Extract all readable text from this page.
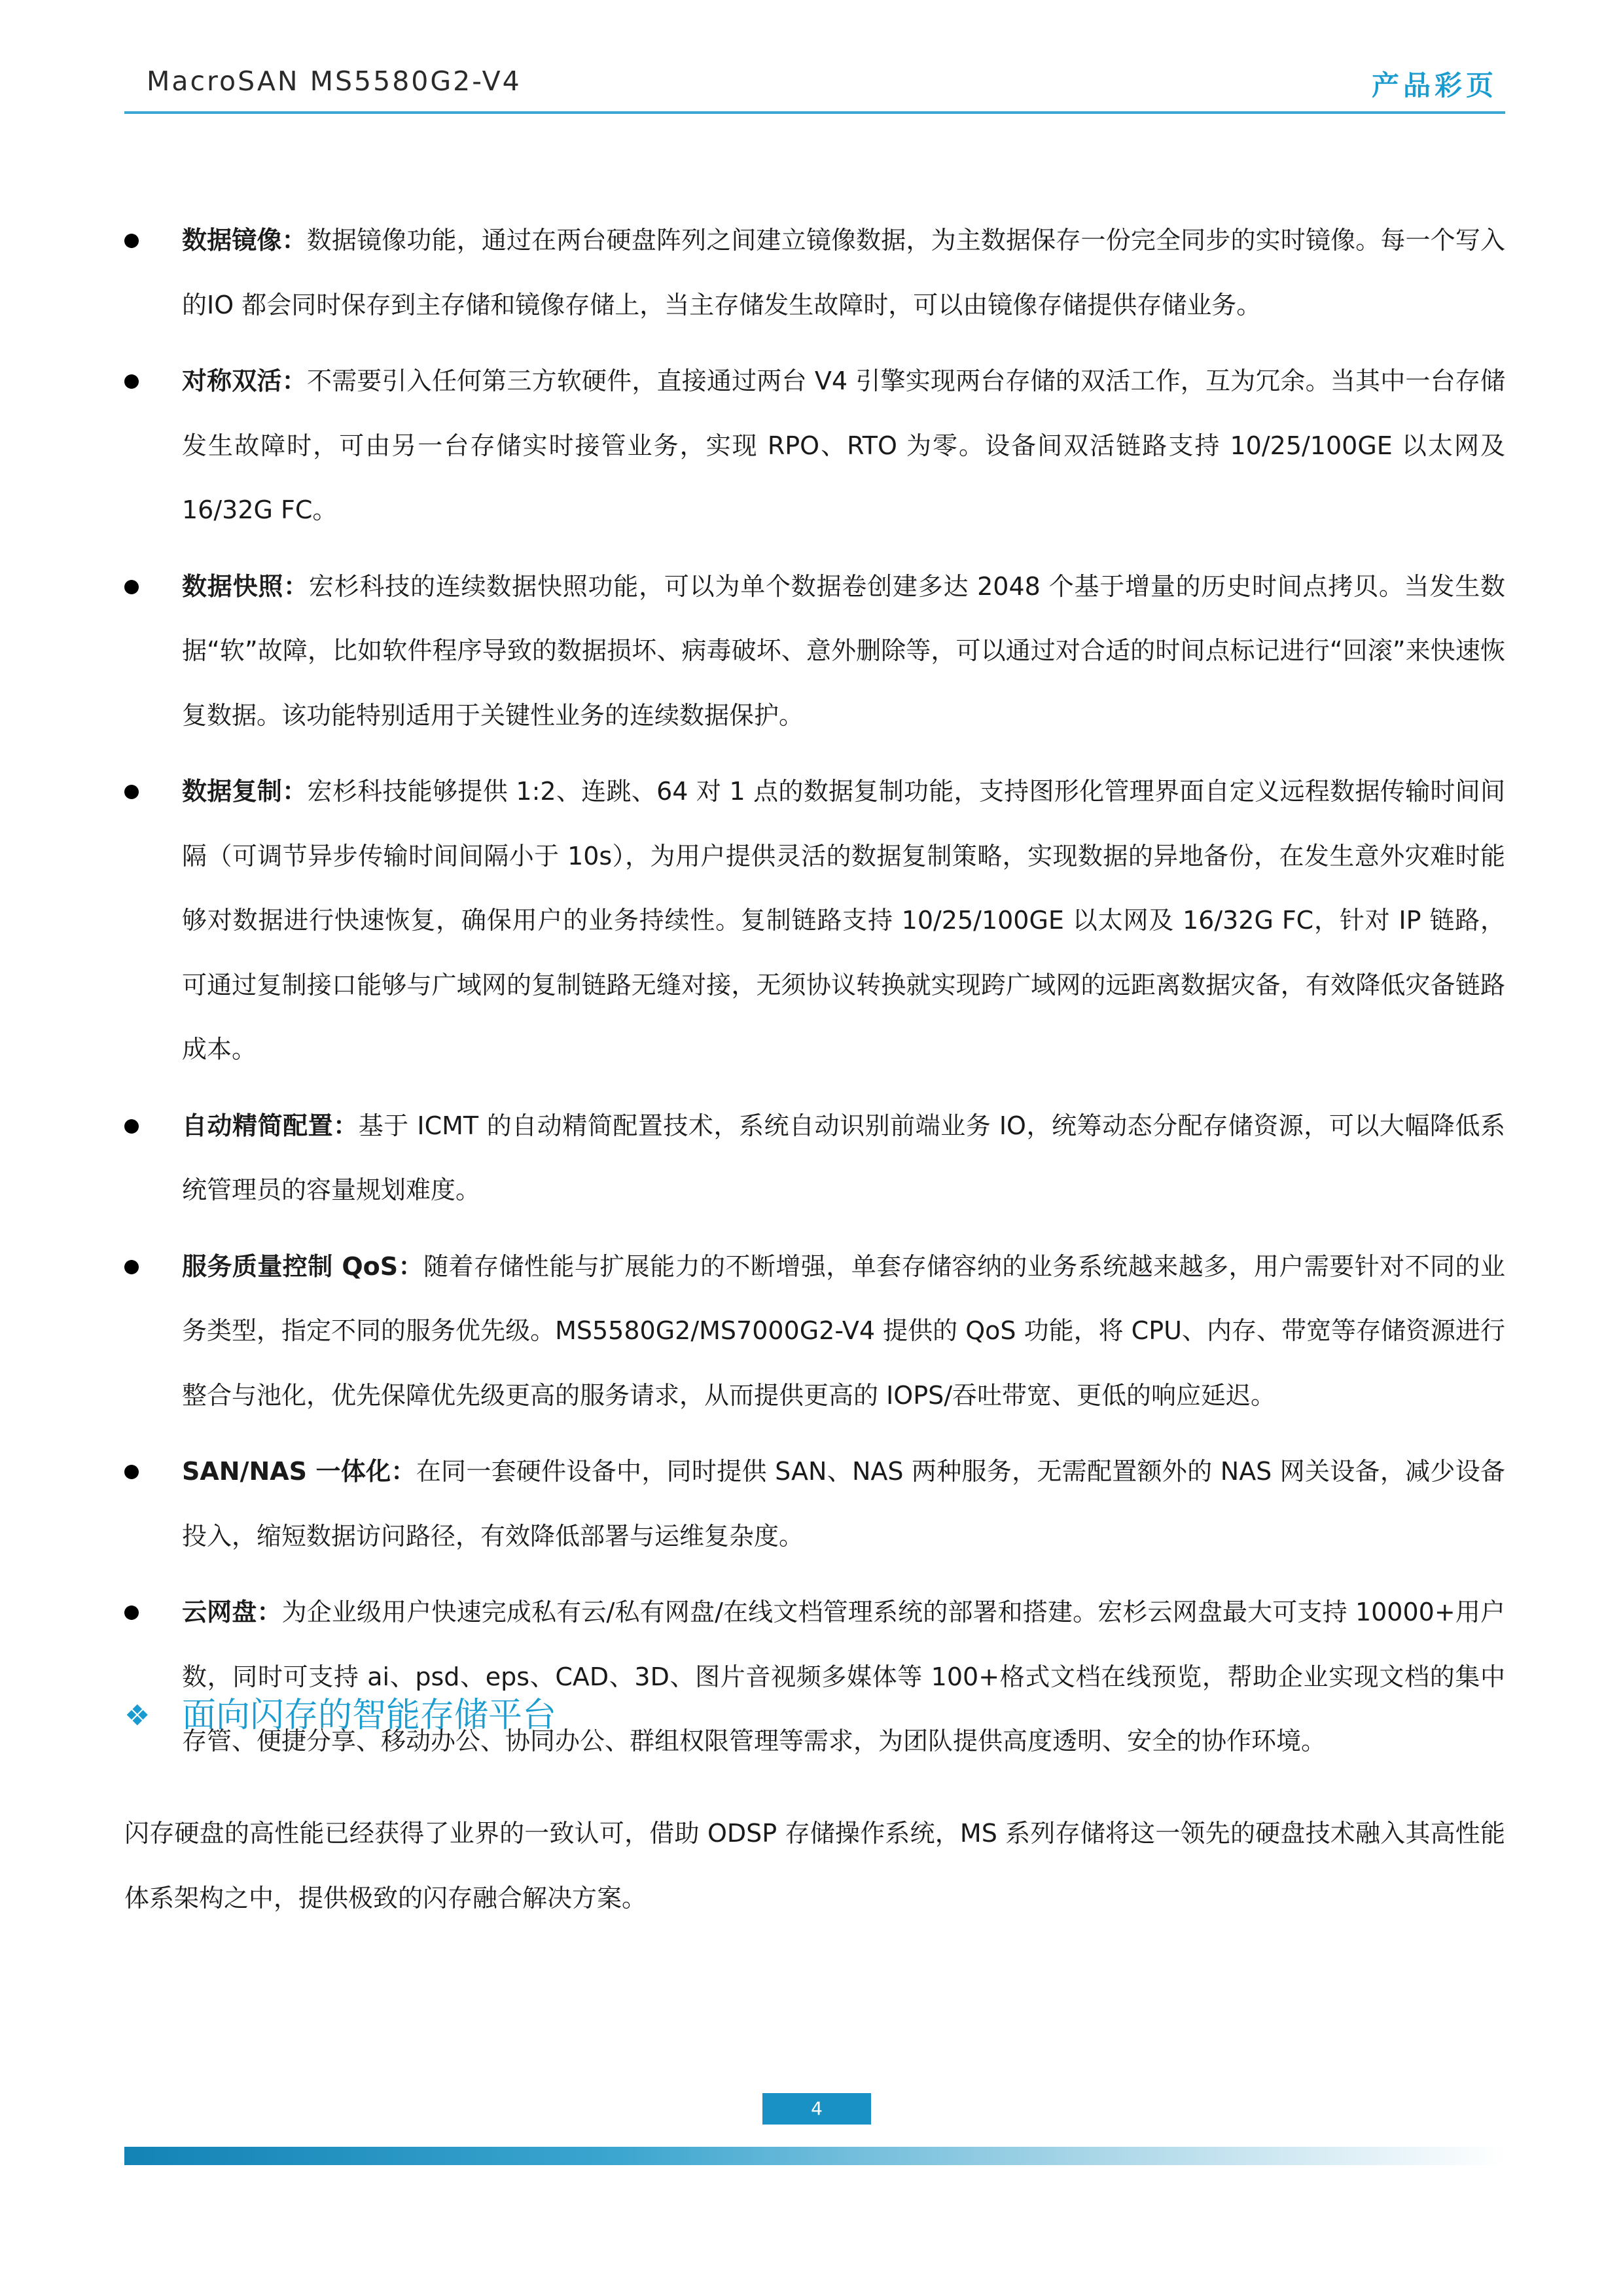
MacroSAN MS5580G2-V4	产品彩页
数据镜像：数据镜像功能，通过在两台硬盘阵列之间建立镜像数据，为主数据保存一份完全同步的实时镜像。每一个写入的IO 都会同时保存到主存储和镜像存储上，当主存储发生故障时，可以由镜像存储提供存储业务。
对称双活：不需要引入任何第三方软硬件，直接通过两台 V4 引擎实现两台存储的双活工作，互为冗余。当其中一台存储发生故障时，可由另一台存储实时接管业务，实现 RPO、RTO 为零。设备间双活链路支持 10/25/100GE 以太网及 16/32G FC。
数据快照：宏杉科技的连续数据快照功能，可以为单个数据卷创建多达 2048 个基于增量的历史时间点拷贝。当发生数据“软”故障，比如软件程序导致的数据损坏、病毒破坏、意外删除等，可以通过对合适的时间点标记进行“回滚”来快速恢复数据。该功能特别适用于关键性业务的连续数据保护。
数据复制：宏杉科技能够提供 1:2、连跳、64 对 1 点的数据复制功能，支持图形化管理界面自定义远程数据传输时间间隔（可调节异步传输时间间隔小于 10s），为用户提供灵活的数据复制策略，实现数据的异地备份，在发生意外灾难时能够对数据进行快速恢复，确保用户的业务持续性。复制链路支持 10/25/100GE 以太网及 16/32G FC，针对 IP 链路，可通过复制接口能够与广域网的复制链路无缝对接，无须协议转换就实现跨广域网的远距离数据灾备，有效降低灾备链路成本。
自动精简配置：基于 ICMT 的自动精简配置技术，系统自动识别前端业务 IO，统筹动态分配存储资源，可以大幅降低系统管理员的容量规划难度。
服务质量控制 QoS：随着存储性能与扩展能力的不断增强，单套存储容纳的业务系统越来越多，用户需要针对不同的业务类型，指定不同的服务优先级。MS5580G2/MS7000G2-V4 提供的 QoS 功能，将 CPU、内存、带宽等存储资源进行整合与池化，优先保障优先级更高的服务请求，从而提供更高的 IOPS/吞吐带宽、更低的响应延迟。
SAN/NAS 一体化：在同一套硬件设备中，同时提供 SAN、NAS 两种服务，无需配置额外的 NAS 网关设备，减少设备投入，缩短数据访问路径，有效降低部署与运维复杂度。
云网盘：为企业级用户快速完成私有云/私有网盘/在线文档管理系统的部署和搭建。宏杉云网盘最大可支持 10000+用户数，同时可支持 ai、psd、eps、CAD、3D、图片音视频多媒体等 100+格式文档在线预览，帮助企业实现文档的集中存管、便捷分享、移动办公、协同办公、群组权限管理等需求，为团队提供高度透明、安全的协作环境。
❖ 面向闪存的智能存储平台

闪存硬盘的高性能已经获得了业界的一致认可，借助 ODSP 存储操作系统，MS 系列存储将这一领先的硬盘技术融入其高性能体系架构之中，提供极致的闪存融合解决方案。

4
